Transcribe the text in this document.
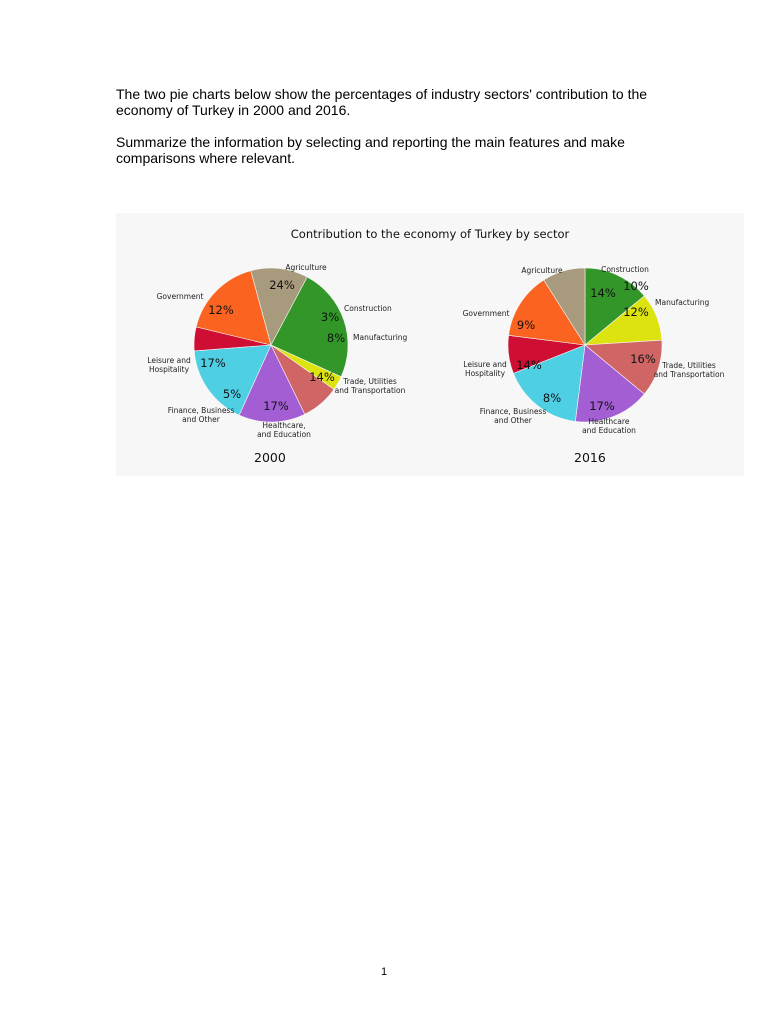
The two pie charts below show the percentages of industry sectors' contribution to the economy of Turkey in 2000 and 2016.

Summarize the information by selecting and reporting the main features and make comparisons where relevant.

Contribution to the economy of Turkey by sector
24%
3%
8%
14%
17%
5%
17%
12%
Agriculture
Construction
Manufacturing
Trade, Utilities and Transportation
Healthcare, and Education
Finance, Business and Other
Leisure and Hospitality
Government	14% 10%
12%
16%
17%
8%
14%
9%
Agriculture	Construction
Manufacturing
Trade, Utilities and Transportation
Healthcare and Education
Finance, Business and Other
Leisure and Hospitality
Government
2000	2016
1
